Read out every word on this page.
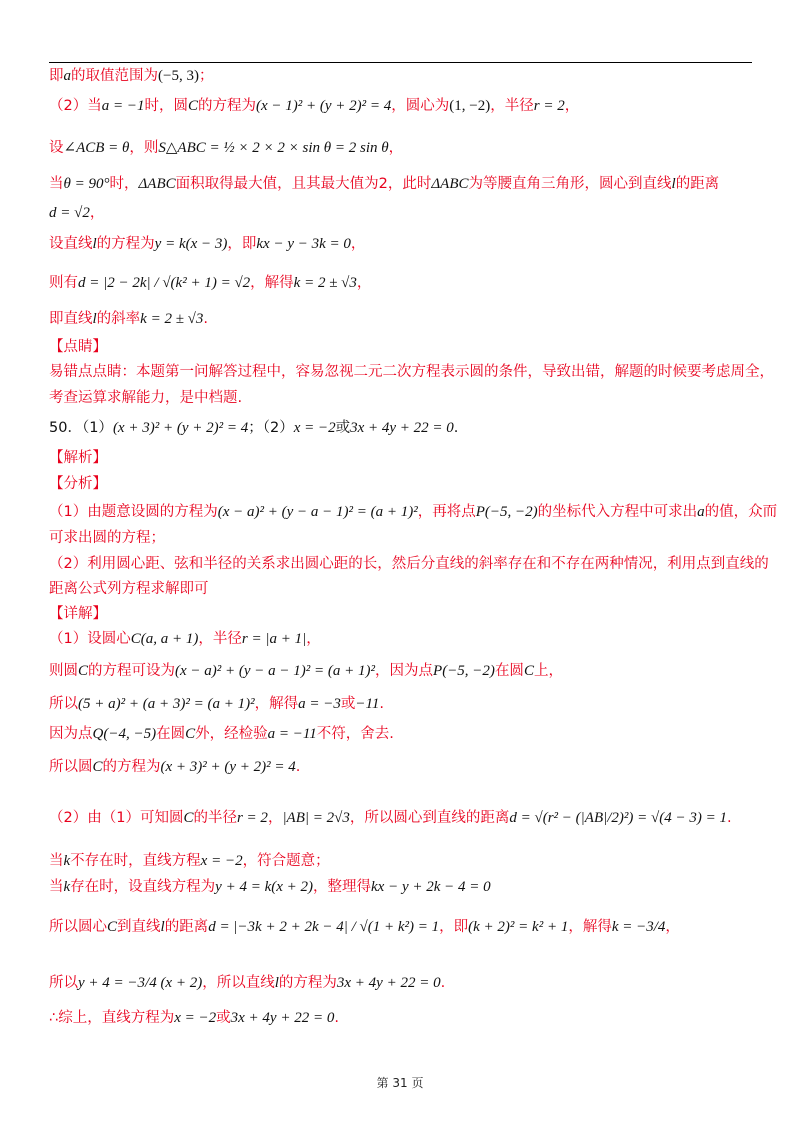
即a的取值范围为(−5, 3)；
（2）当a = −1时，圆C的方程为(x − 1)² + (y + 2)² = 4，圆心为(1, −2)，半径r = 2，
设∠ACB = θ，则S△ABC = ½ × 2 × 2 × sin θ = 2 sin θ，
当θ = 90°时，ΔABC面积取得最大值，且其最大值为2，此时ΔABC为等腰直角三角形，圆心到直线l的距离
d = √2，
设直线l的方程为y = k(x − 3)，即kx − y − 3k = 0，
则有d = |2 − 2k| / √(k² + 1) = √2，解得k = 2 ± √3，
即直线l的斜率k = 2 ± √3.
【点睛】
易错点点睛：本题第一问解答过程中，容易忽视二元二次方程表示圆的条件，导致出错，解题的时候要考虑周全，
考查运算求解能力，是中档题.
50．（1）(x + 3)² + (y + 2)² = 4；（2）x = −2或3x + 4y + 22 = 0.
【解析】
【分析】
（1）由题意设圆的方程为(x − a)² + (y − a − 1)² = (a + 1)²，再将点P(−5, −2)的坐标代入方程中可求出a的值，众而
可求出圆的方程；
（2）利用圆心距、弦和半径的关系求出圆心距的长，然后分直线的斜率存在和不存在两种情况，利用点到直线的
距离公式列方程求解即可
【详解】
（1）设圆心C(a, a + 1)，半径r = |a + 1|，
则圆C的方程可设为(x − a)² + (y − a − 1)² = (a + 1)²，因为点P(−5, −2)在圆C上，
所以(5 + a)² + (a + 3)² = (a + 1)²，解得a = −3或−11.
因为点Q(−4, −5)在圆C外，经检验a = −11不符，舍去.
所以圆C的方程为(x + 3)² + (y + 2)² = 4.
（2）由（1）可知圆C的半径r = 2，|AB| = 2√3，所以圆心到直线的距离d = √(r² − (|AB|/2)²) = √(4 − 3) = 1.
当k不存在时，直线方程x = −2，符合题意；
当k存在时，设直线方程为y + 4 = k(x + 2)，整理得kx − y + 2k − 4 = 0
所以圆心C到直线l的距离d = |−3k + 2 + 2k − 4| / √(1 + k²) = 1，即(k + 2)² = k² + 1，解得k = −3/4，
所以y + 4 = −3/4 (x + 2)，所以直线l的方程为3x + 4y + 22 = 0.
∴综上，直线方程为x = −2或3x + 4y + 22 = 0.
第 31 页
